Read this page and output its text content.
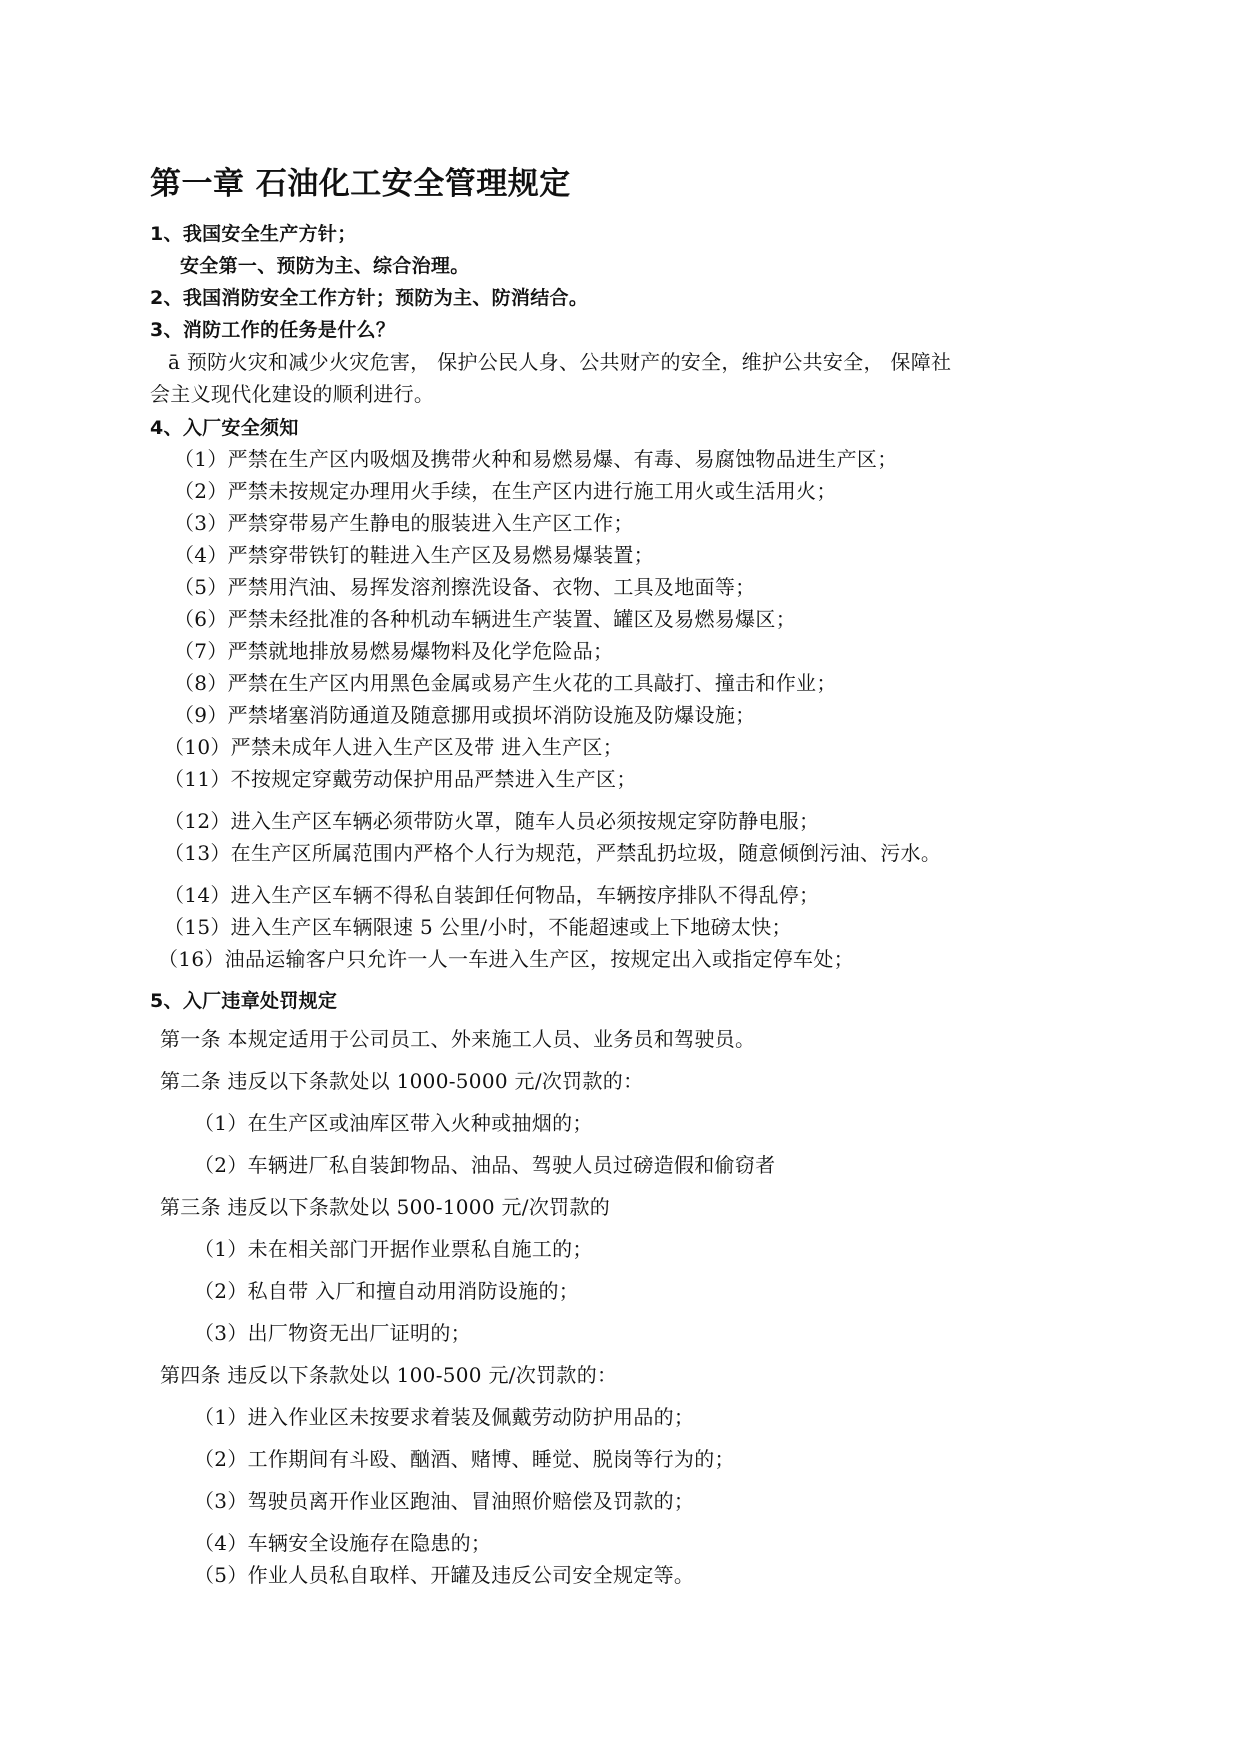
第一章 石油化工安全管理规定
1、我国安全生产方针；
安全第一、预防为主、综合治理。
2、我国消防安全工作方针；预防为主、防消结合。
3、消防工作的任务是什么？
ā 预防火灾和减少火灾危害， 保护公民人身、公共财产的安全，维护公共安全， 保障社
会主义现代化建设的顺利进行。
4、入厂安全须知
（1）严禁在生产区内吸烟及携带火种和易燃易爆、有毒、易腐蚀物品进生产区；
（2）严禁未按规定办理用火手续，在生产区内进行施工用火或生活用火；
（3）严禁穿带易产生静电的服装进入生产区工作；
（4）严禁穿带铁钉的鞋进入生产区及易燃易爆装置；
（5）严禁用汽油、易挥发溶剂擦洗设备、衣物、工具及地面等；
（6）严禁未经批准的各种机动车辆进生产装置、罐区及易燃易爆区；
（7）严禁就地排放易燃易爆物料及化学危险品；
（8）严禁在生产区内用黑色金属或易产生火花的工具敲打、撞击和作业；
（9）严禁堵塞消防通道及随意挪用或损坏消防设施及防爆设施；
（10）严禁未成年人进入生产区及带 进入生产区；
（11）不按规定穿戴劳动保护用品严禁进入生产区；
（12）进入生产区车辆必须带防火罩，随车人员必须按规定穿防静电服；
（13）在生产区所属范围内严格个人行为规范，严禁乱扔垃圾，随意倾倒污油、污水。
（14）进入生产区车辆不得私自装卸任何物品，车辆按序排队不得乱停；
（15）进入生产区车辆限速 5 公里/小时，不能超速或上下地磅太快；
（16）油品运输客户只允许一人一车进入生产区，按规定出入或指定停车处；
5、入厂违章处罚规定
第一条 本规定适用于公司员工、外来施工人员、业务员和驾驶员。
第二条 违反以下条款处以 1000-5000 元/次罚款的：
（1）在生产区或油库区带入火种或抽烟的；
（2）车辆进厂私自装卸物品、油品、驾驶人员过磅造假和偷窃者
第三条 违反以下条款处以 500-1000 元/次罚款的
（1）未在相关部门开据作业票私自施工的；
（2）私自带 入厂和擅自动用消防设施的；
（3）出厂物资无出厂证明的；
第四条 违反以下条款处以 100-500 元/次罚款的：
（1）进入作业区未按要求着装及佩戴劳动防护用品的；
（2）工作期间有斗殴、酗酒、赌博、睡觉、脱岗等行为的；
（3）驾驶员离开作业区跑油、冒油照价赔偿及罚款的；
（4）车辆安全设施存在隐患的；
（5）作业人员私自取样、开罐及违反公司安全规定等。
